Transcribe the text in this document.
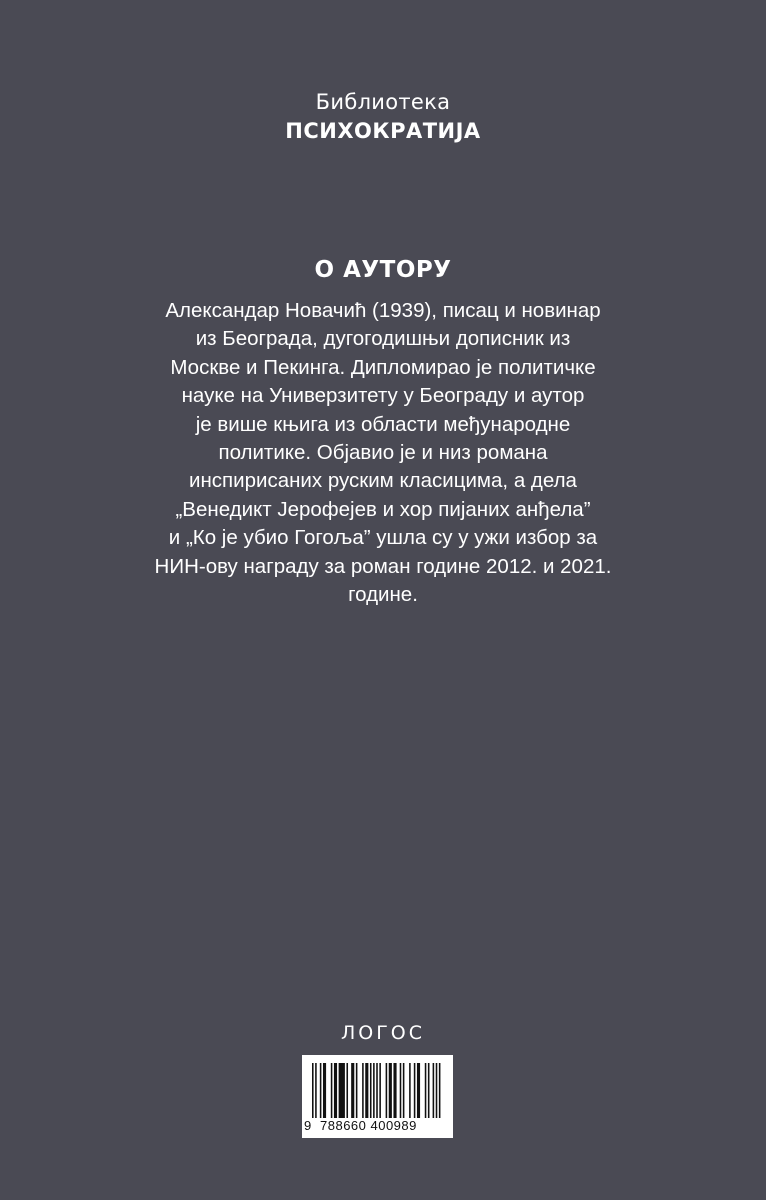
Библиотека
ПСИХОКРАТИЈА
О АУТОРУ
Александар Новачић (1939), писац и новинар
из Београда, дугогодишњи дописник из
Москве и Пекинга. Дипломирао је политичке
науке на Универзитету у Београду и аутор
је више књига из области међународне
политике. Објавио је и низ романа
инспирисаних руским класицима, а дела
„Венедикт Јерофејев и хор пијаних анђела”
и „Ко је убио Гогоља” ушла су у ужи избор за
НИН-ову награду за роман године 2012. и 2021.
године.
ЛОГОС
9 788660 400989
